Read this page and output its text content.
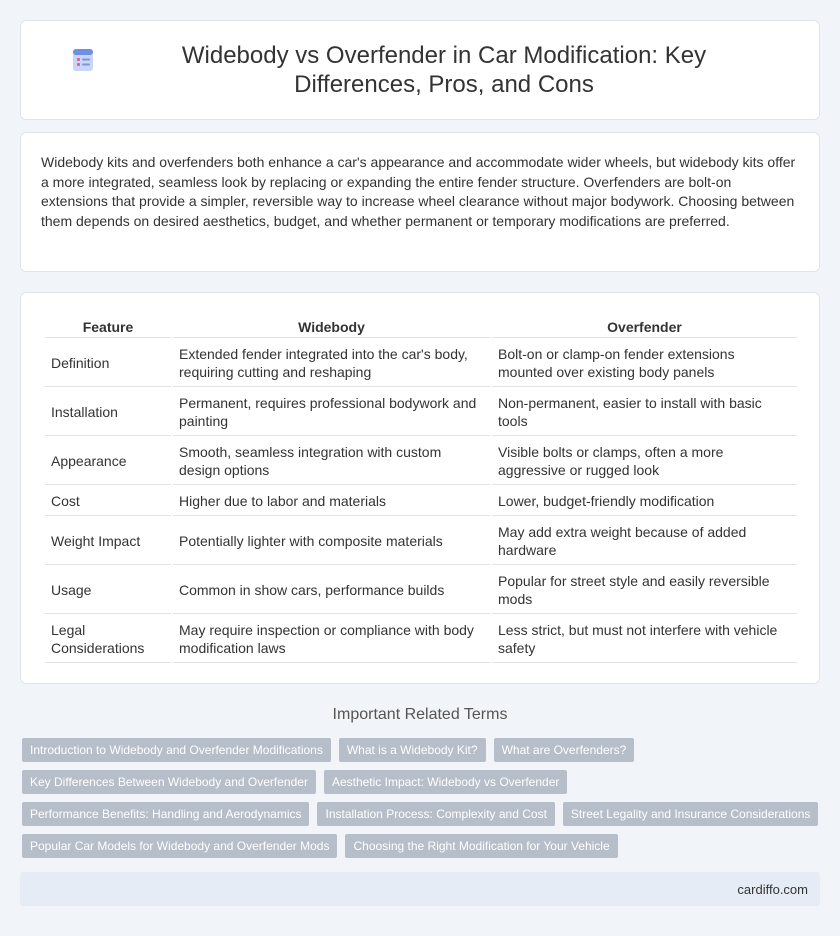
Widebody vs Overfender in Car Modification: Key Differences, Pros, and Cons

Widebody kits and overfenders both enhance a car's appearance and accommodate wider wheels, but widebody kits offer a more integrated, seamless look by replacing or expanding the entire fender structure. Overfenders are bolt-on extensions that provide a simpler, reversible way to increase wheel clearance without major bodywork. Choosing between them depends on desired aesthetics, budget, and whether permanent or temporary modifications are preferred.

Feature	Widebody	Overfender
Definition	Extended fender integrated into the car's body, requiring cutting and reshaping	Bolt-on or clamp-on fender extensions mounted over existing body panels
Installation	Permanent, requires professional bodywork and painting	Non-permanent, easier to install with basic tools
Appearance	Smooth, seamless integration with custom design options	Visible bolts or clamps, often a more aggressive or rugged look
Cost	Higher due to labor and materials	Lower, budget-friendly modification
Weight Impact	Potentially lighter with composite materials	May add extra weight because of added hardware
Usage	Common in show cars, performance builds	Popular for street style and easily reversible mods
Legal Considerations	May require inspection or compliance with body modification laws	Less strict, but must not interfere with vehicle safety
Important Related Terms
Introduction to Widebody and Overfender Modifications	What is a Widebody Kit?	What are Overfenders?
Key Differences Between Widebody and Overfender	Aesthetic Impact: Widebody vs Overfender
Performance Benefits: Handling and Aerodynamics	Installation Process: Complexity and Cost	Street Legality and Insurance Considerations
Popular Car Models for Widebody and Overfender Mods	Choosing the Right Modification for Your Vehicle
cardiffo.com
